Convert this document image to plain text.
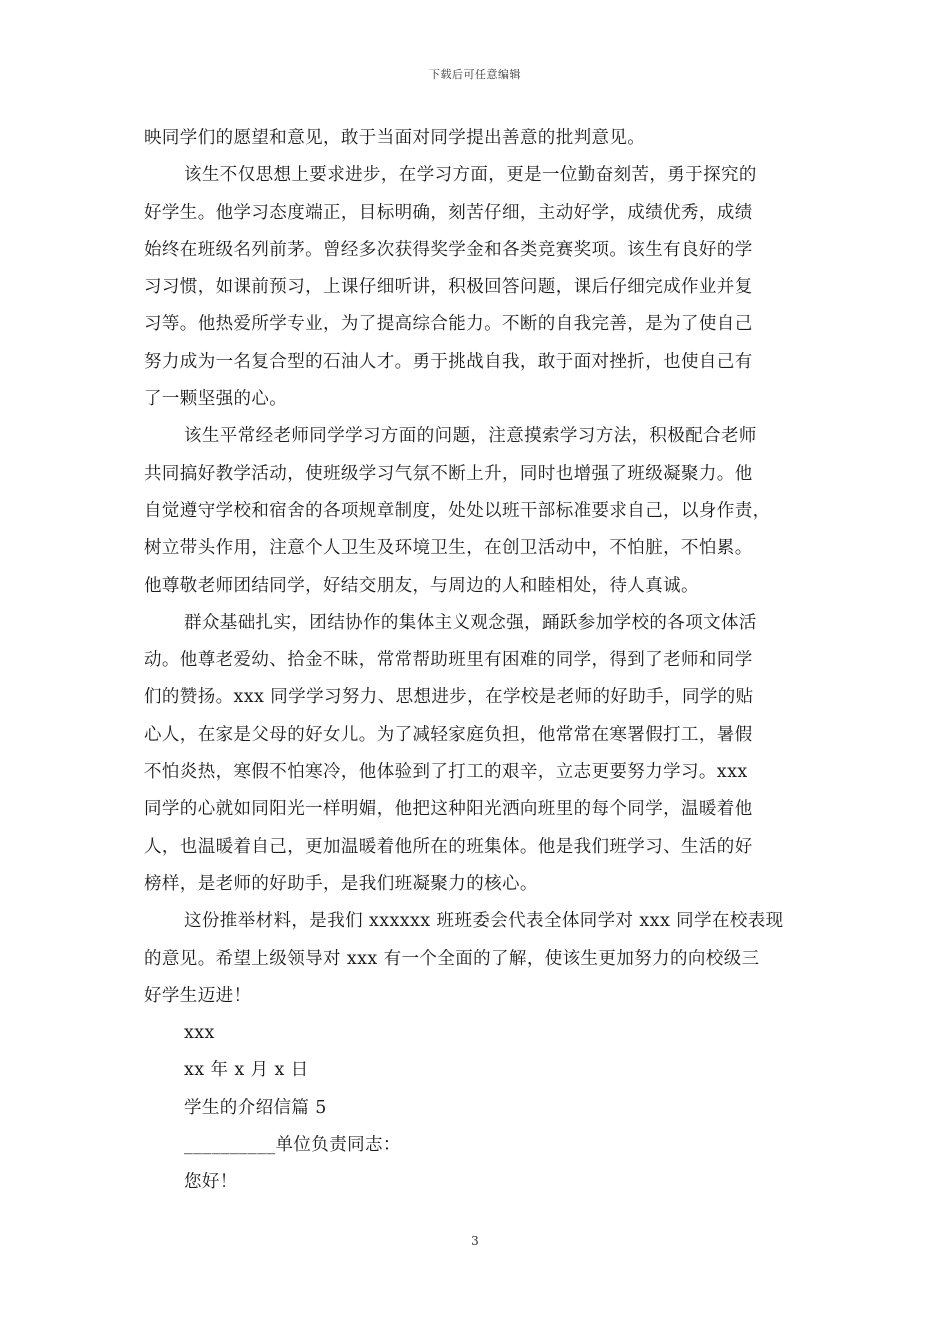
下载后可任意编辑
映同学们的愿望和意见，敢于当面对同学提出善意的批判意见。
该生不仅思想上要求进步，在学习方面，更是一位勤奋刻苦，勇于探究的
好学生。他学习态度端正，目标明确，刻苦仔细，主动好学，成绩优秀，成绩
始终在班级名列前茅。曾经多次获得奖学金和各类竞赛奖项。该生有良好的学
习习惯，如课前预习，上课仔细听讲，积极回答问题，课后仔细完成作业并复
习等。他热爱所学专业，为了提高综合能力。不断的自我完善，是为了使自己
努力成为一名复合型的石油人才。勇于挑战自我，敢于面对挫折，也使自己有
了一颗坚强的心。
该生平常经老师同学学习方面的问题，注意摸索学习方法，积极配合老师
共同搞好教学活动，使班级学习气氛不断上升，同时也增强了班级凝聚力。他
自觉遵守学校和宿舍的各项规章制度，处处以班干部标准要求自己，以身作责，
树立带头作用，注意个人卫生及环境卫生，在创卫活动中，不怕脏，不怕累。
他尊敬老师团结同学，好结交朋友，与周边的人和睦相处，待人真诚。
群众基础扎实，团结协作的集体主义观念强，踊跃参加学校的各项文体活
动。他尊老爱幼、拾金不昧，常常帮助班里有困难的同学，得到了老师和同学
们的赞扬。xxx 同学学习努力、思想进步，在学校是老师的好助手，同学的贴
心人，在家是父母的好女儿。为了减轻家庭负担，他常常在寒署假打工，暑假
不怕炎热，寒假不怕寒冷，他体验到了打工的艰辛，立志更要努力学习。xxx
同学的心就如同阳光一样明媚，他把这种阳光洒向班里的每个同学，温暖着他
人，也温暖着自己，更加温暖着他所在的班集体。他是我们班学习、生活的好
榜样，是老师的好助手，是我们班凝聚力的核心。
这份推举材料，是我们 xxxxxx 班班委会代表全体同学对 xxx 同学在校表现
的意见。希望上级领导对 xxx 有一个全面的了解，使该生更加努力的向校级三
好学生迈进！
xxx
xx 年 x 月 x 日
学生的介绍信篇 5
__________单位负责同志：
您好！
3
